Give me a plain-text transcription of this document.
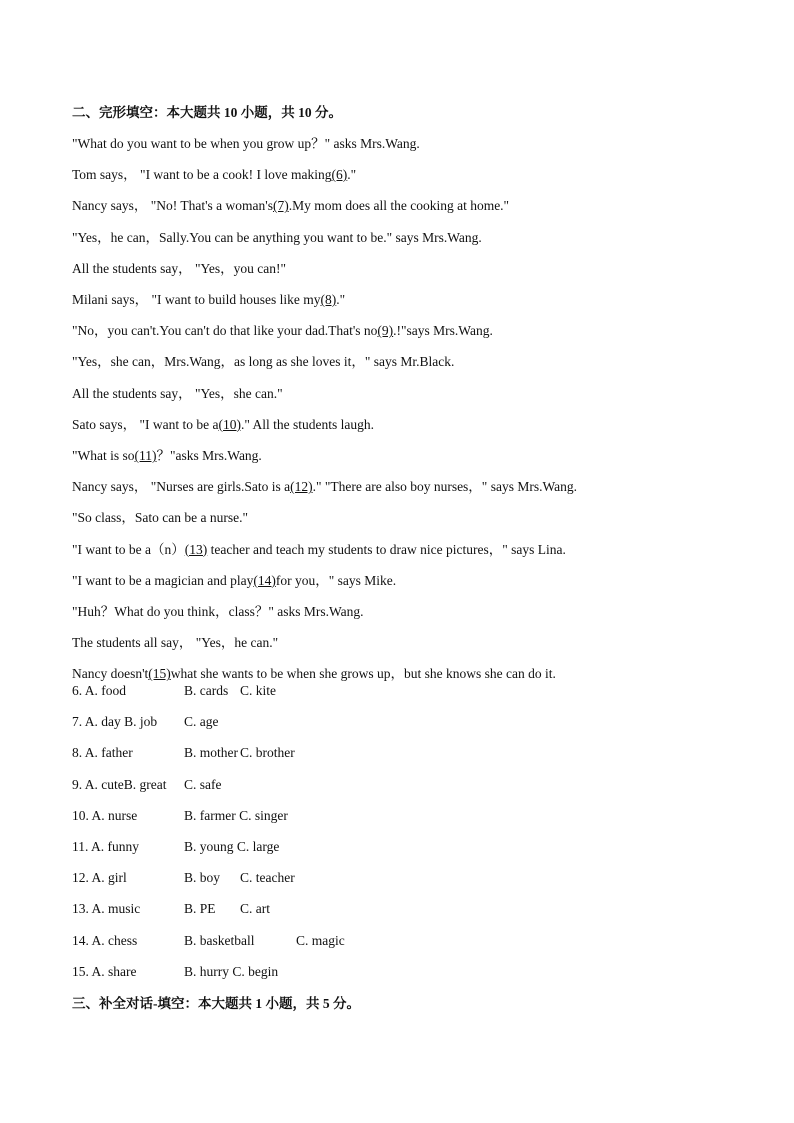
二、完形填空：本大题共 10 小题，共 10 分。
"What do you want to be when you grow up？" asks Mrs.Wang.
Tom says， "I want to be a cook! I love making(6)."
Nancy says， "No! That's a woman's(7).My mom does all the cooking at home."
"Yes，he can，Sally.You can be anything you want to be." says Mrs.Wang.
All the students say， "Yes，you can!"
Milani says， "I want to build houses like my(8)."
"No，you can't.You can't do that like your dad.That's no(9).!"says Mrs.Wang.
"Yes，she can，Mrs.Wang，as long as she loves it，" says Mr.Black.
All the students say， "Yes，she can."
Sato says， "I want to be a(10)." All the students laugh.
"What is so(11)？"asks Mrs.Wang.
Nancy says， "Nurses are girls.Sato is a(12)." "There are also boy nurses，" says Mrs.Wang.
"So class，Sato can be a nurse."
"I want to be a（n）(13) teacher and teach my students to draw nice pictures，" says Lina.
"I want to be a magician and play(14)for you，" says Mike.
"Huh？What do you think，class？" asks Mrs.Wang.
The students all say， "Yes，he can."
Nancy doesn't(15)what she wants to be when she grows up，but she knows she can do it.
6. A. food	B. cards C. kite
7. A. day B. job C. age
8. A. father	B. mother C. brother
9. A. cuteB. great C. safe
10. A. nurse	B. farmer C. singer
11. A. funny	B. young C. large
12. A. girl	B. boy C. teacher
13. A. music	B. PE C. art
14. A. chess	B. basketball	C. magic
15. A. share	B. hurry C. begin
三、补全对话-填空：本大题共 1 小题，共 5 分。
